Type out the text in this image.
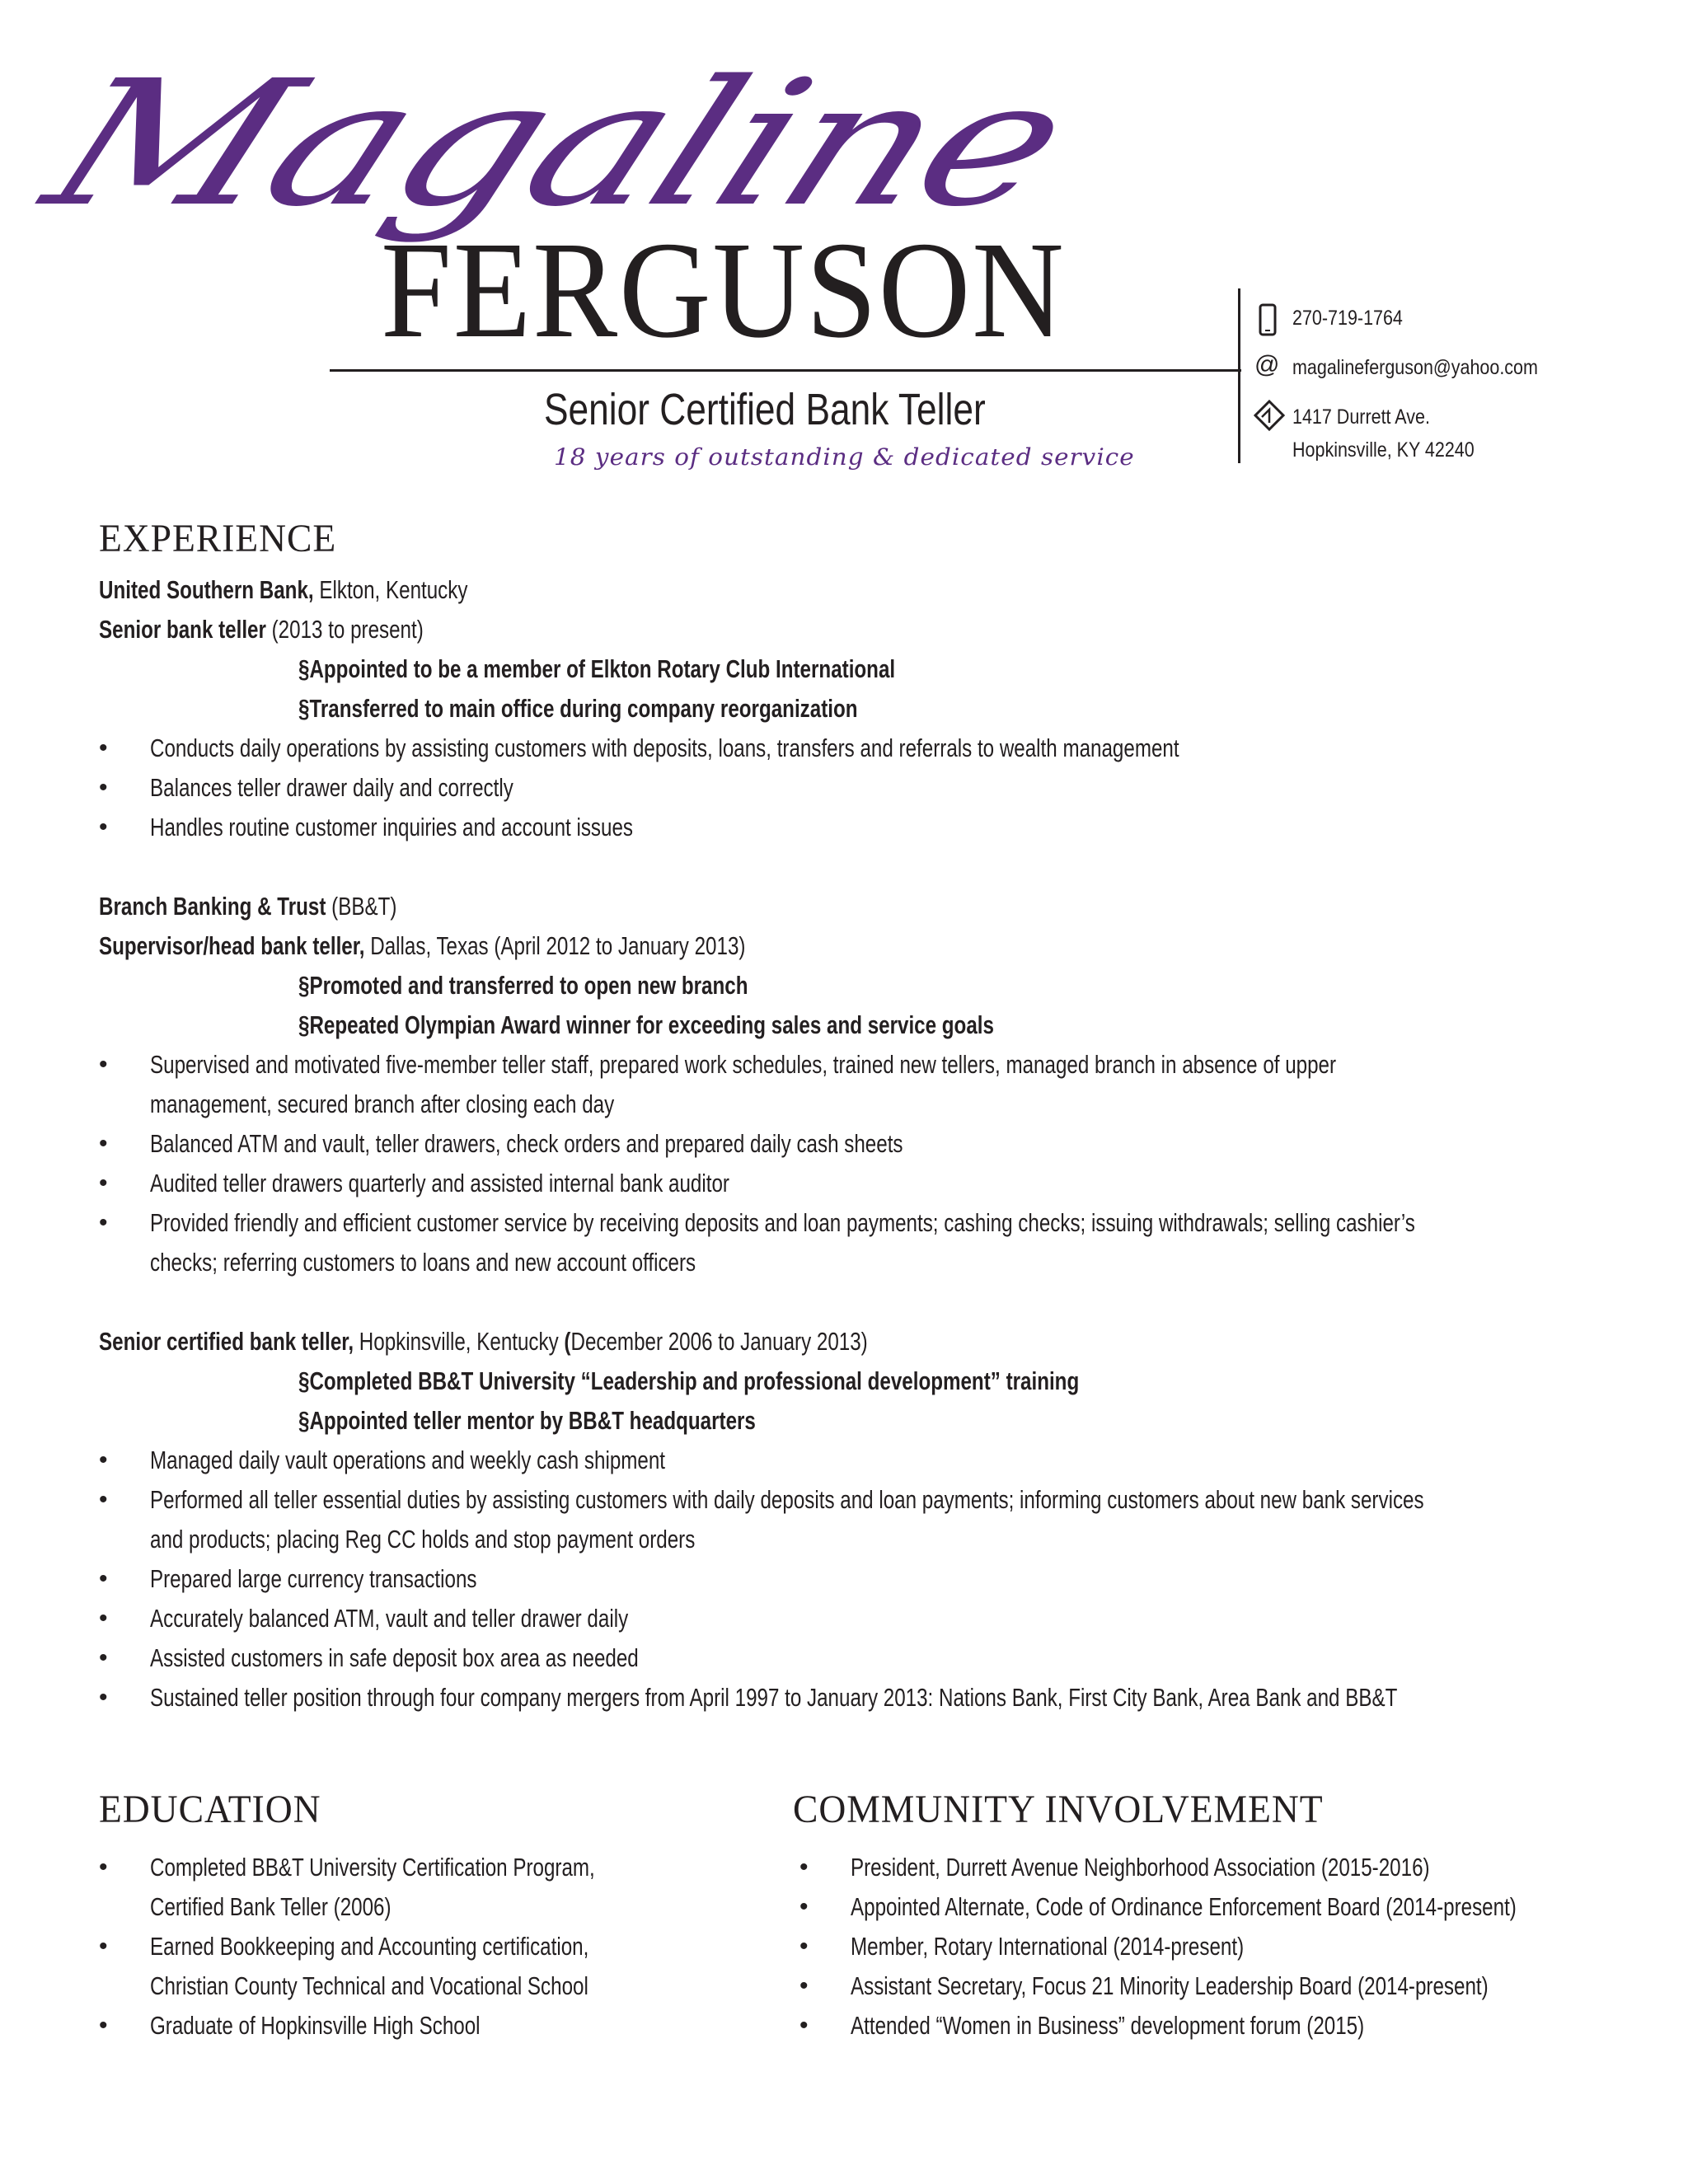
Magaline
FERGUSON
Senior Certified Bank Teller
18 years of outstanding & dedicated service
270-719-1764
@ magalineferguson@yahoo.com
1417 Durrett Ave.
Hopkinsville, KY 42240
EXPERIENCE
United Southern Bank, Elkton, Kentucky
Senior bank teller (2013 to present)
§Appointed to be a member of Elkton Rotary Club International
§Transferred to main office during company reorganization
• Conducts daily operations by assisting customers with deposits, loans, transfers and referrals to wealth management
• Balances teller drawer daily and correctly
• Handles routine customer inquiries and account issues
Branch Banking & Trust (BB&T)
Supervisor/head bank teller, Dallas, Texas (April 2012 to January 2013)
§Promoted and transferred to open new branch
§Repeated Olympian Award winner for exceeding sales and service goals
• Supervised and motivated five-member teller staff, prepared work schedules, trained new tellers, managed branch in absence of upper
management, secured branch after closing each day
• Balanced ATM and vault, teller drawers, check orders and prepared daily cash sheets
• Audited teller drawers quarterly and assisted internal bank auditor
• Provided friendly and efficient customer service by receiving deposits and loan payments; cashing checks; issuing withdrawals; selling cashier’s
checks; referring customers to loans and new account officers
Senior certified bank teller, Hopkinsville, Kentucky (December 2006 to January 2013)
§Completed BB&T University “Leadership and professional development” training
§Appointed teller mentor by BB&T headquarters
• Managed daily vault operations and weekly cash shipment
• Performed all teller essential duties by assisting customers with daily deposits and loan payments; informing customers about new bank services
and products; placing Reg CC holds and stop payment orders
• Prepared large currency transactions
• Accurately balanced ATM, vault and teller drawer daily
• Assisted customers in safe deposit box area as needed
• Sustained teller position through four company mergers from April 1997 to January 2013: Nations Bank, First City Bank, Area Bank and BB&T
EDUCATION
• Completed BB&T University Certification Program,
Certified Bank Teller (2006)
• Earned Bookkeeping and Accounting certification,
Christian County Technical and Vocational School
• Graduate of Hopkinsville High School
COMMUNITY INVOLVEMENT
• President, Durrett Avenue Neighborhood Association (2015-2016)
• Appointed Alternate, Code of Ordinance Enforcement Board (2014-present)
• Member, Rotary International (2014-present)
• Assistant Secretary, Focus 21 Minority Leadership Board (2014-present)
• Attended “Women in Business” development forum (2015)
